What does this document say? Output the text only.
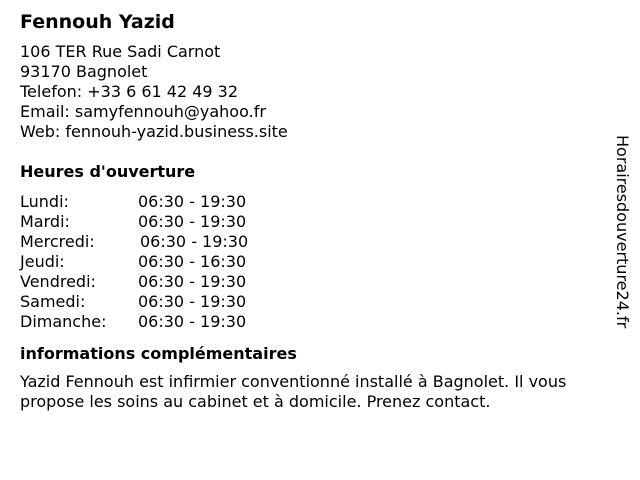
Fennouh Yazid
106 TER Rue Sadi Carnot
93170 Bagnolet
Telefon: +33 6 61 42 49 32
Email: samyfennouh@yahoo.fr
Web: fennouh-yazid.business.site
Heures d'ouverture
Lundi:	06:30 - 19:30
Mardi:	06:30 - 19:30
Mercredi:	06:30 - 19:30
Jeudi:	06:30 - 16:30
Vendredi:	06:30 - 19:30
Samedi:	06:30 - 19:30
Dimanche: 06:30 - 19:30
informations complémentaires
Yazid Fennouh est infirmier conventionné installé à Bagnolet. Il vous propose les soins au cabinet et à domicile. Prenez contact.
Horairesdouverture24.fr
